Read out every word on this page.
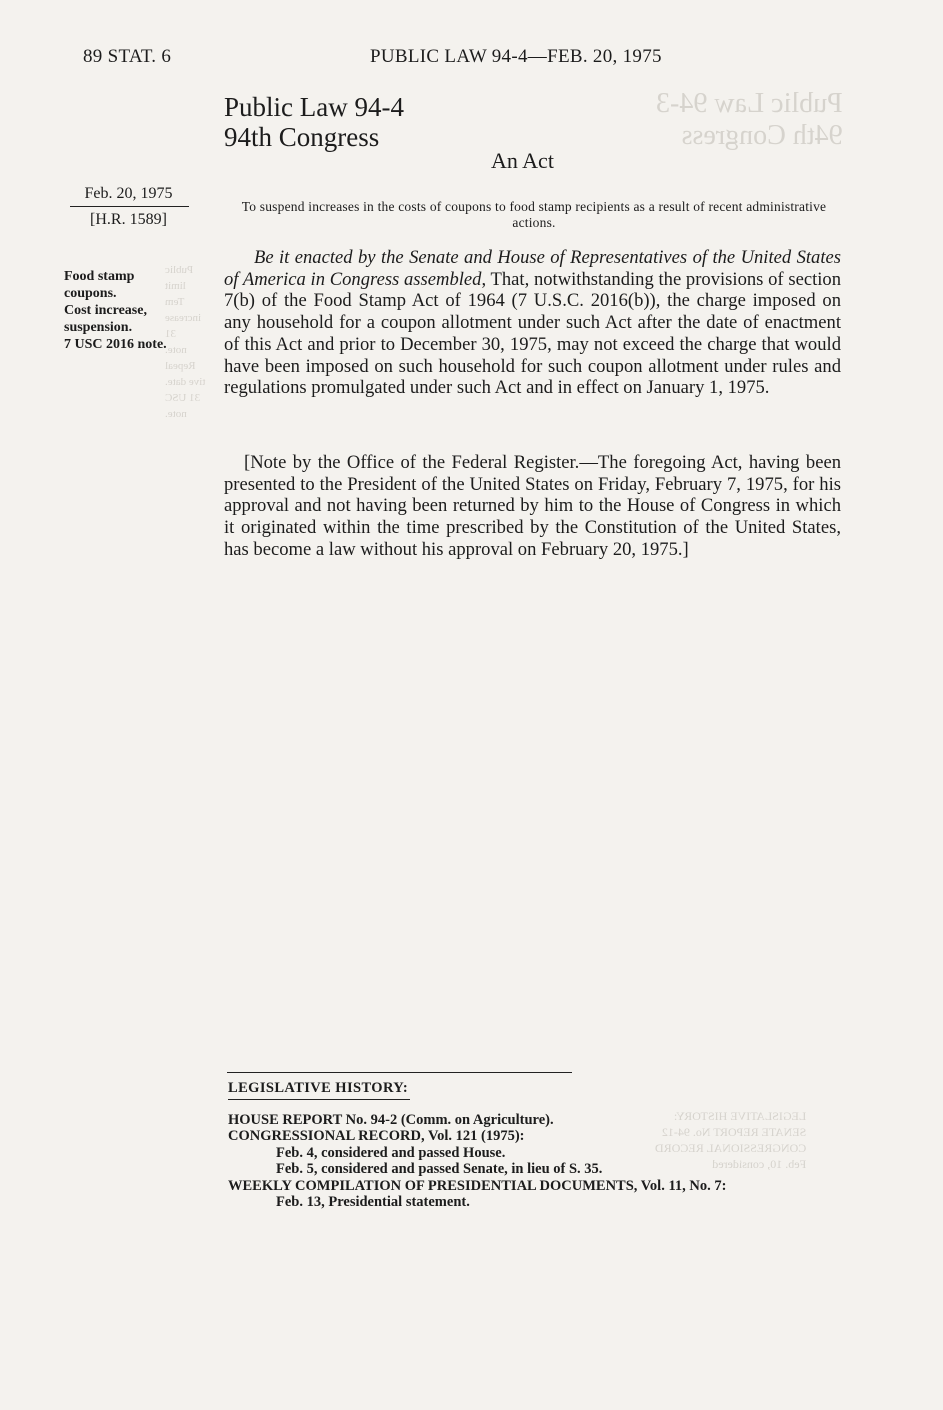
Public Law 94-3
94th Congress
Public
limit
Tem
increase
31
note.
Repeal
tive date.
31 USC
note.
LEGISLATIVE HISTORY:
SENATE REPORT No. 94-12
CONGRESSIONAL RECORD
Feb. 10, considered
89 STAT. 6	PUBLIC LAW 94-4—FEB. 20, 1975
Public Law 94-4
94th Congress
An Act
Feb. 20, 1975
[H.R. 1589]
To suspend increases in the costs of coupons to food stamp recipients as a result of recent administrative actions.
Food stamp
coupons.
Cost increase,
suspension.
7 USC 2016 note.
Be it enacted by the Senate and House of Representatives of the United States of America in Congress assembled, That, notwithstanding the provisions of section 7(b) of the Food Stamp Act of 1964 (7 U.S.C. 2016(b)), the charge imposed on any household for a coupon allotment under such Act after the date of enactment of this Act and prior to December 30, 1975, may not exceed the charge that would have been imposed on such household for such coupon allotment under rules and regulations promulgated under such Act and in effect on January 1, 1975.
[Note by the Office of the Federal Register.—The foregoing Act, having been presented to the President of the United States on Friday, February 7, 1975, for his approval and not having been returned by him to the House of Congress in which it originated within the time prescribed by the Constitution of the United States, has become a law without his approval on February 20, 1975.]
LEGISLATIVE HISTORY:
HOUSE REPORT No. 94-2 (Comm. on Agriculture).
CONGRESSIONAL RECORD, Vol. 121 (1975):
Feb. 4, considered and passed House.
Feb. 5, considered and passed Senate, in lieu of S. 35.
WEEKLY COMPILATION OF PRESIDENTIAL DOCUMENTS, Vol. 11, No. 7:
Feb. 13, Presidential statement.
